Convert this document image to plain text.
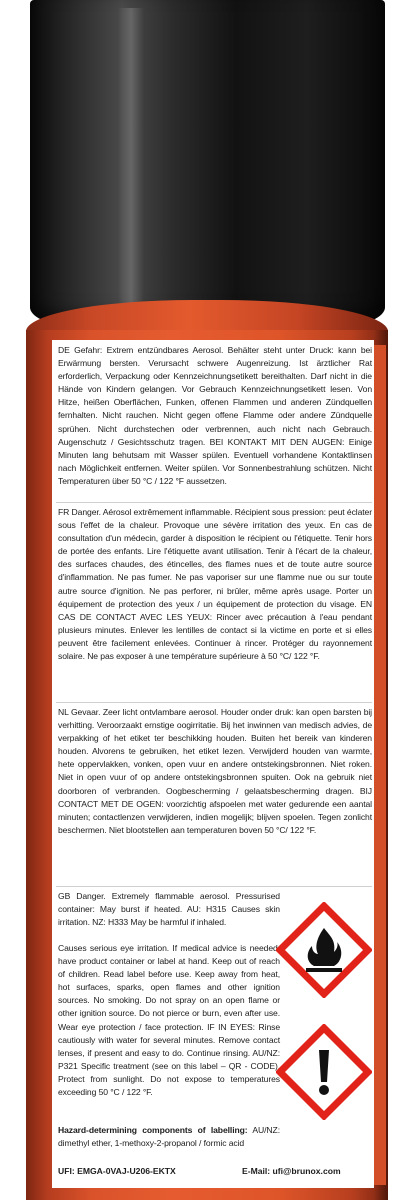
DE Gefahr: Extrem entzündbares Aerosol. Behälter steht unter Druck: kann bei Erwärmung bersten. Verursacht schwere Augenreizung. Ist ärztlicher Rat erforderlich, Verpackung oder Kennzeichnungsetikett bereithalten. Darf nicht in die Hände von Kindern gelangen. Vor Gebrauch Kennzeichnungsetikett lesen. Von Hitze, heißen Oberflächen, Funken, offenen Flammen und anderen Zündquellen fernhalten. Nicht rauchen. Nicht gegen offene Flamme oder andere Zündquelle sprühen. Nicht durchstechen oder verbrennen, auch nicht nach Gebrauch. Augenschutz / Gesichtsschutz tragen. BEI KONTAKT MIT DEN AUGEN: Einige Minuten lang behutsam mit Wasser spülen. Eventuell vorhandene Kontaktlinsen nach Möglichkeit entfernen. Weiter spülen. Vor Sonnenbestrahlung schützen. Nicht Temperaturen über 50 °C / 122 °F aussetzen.
FR Danger. Aérosol extrêmement inflammable. Récipient sous pression: peut éclater sous l'effet de la chaleur. Provoque une sévère irritation des yeux. En cas de consultation d'un médecin, garder à disposition le récipient ou l'étiquette. Tenir hors de portée des enfants. Lire l'étiquette avant utilisation. Tenir à l'écart de la chaleur, des surfaces chaudes, des étincelles, des flames nues et de toute autre source d'inflammation. Ne pas fumer. Ne pas vaporiser sur une flamme nue ou sur toute autre source d'ignition. Ne pas perforer, ni brûler, même après usage. Porter un équipement de protection des yeux / un équipement de protection du visage. EN CAS DE CONTACT AVEC LES YEUX: Rincer avec précaution à l'eau pendant plusieurs minutes. Enlever les lentilles de contact si la victime en porte et si elles peuvent être facilement enlevées. Continuer à rincer. Protéger du rayonnement solaire. Ne pas exposer à une température supérieure à 50 °C/ 122 °F.
NL Gevaar. Zeer licht ontvlambare aerosol. Houder onder druk: kan open barsten bij verhitting. Veroorzaakt ernstige oogirritatie. Bij het inwinnen van medisch advies, de verpakking of het etiket ter beschikking houden. Buiten het bereik van kinderen houden. Alvorens te gebruiken, het etiket lezen. Verwijderd houden van warmte, hete oppervlakken, vonken, open vuur en andere ontstekingsbronnen. Niet roken. Niet in open vuur of op andere ontstekingsbronnen spuiten. Ook na gebruik niet doorboren of verbranden. Oogbescherming / gelaatsbescherming dragen. BIJ CONTACT MET DE OGEN: voorzichtig afspoelen met water gedurende een aantal minuten; contactlenzen verwijderen, indien mogelijk; blijven spoelen. Tegen zonlicht beschermen. Niet blootstellen aan temperaturen boven 50 °C/ 122 °F.
GB Danger. Extremely flammable aerosol. Pressurised container: May burst if heated. AU: H315 Causes skin irritation. NZ: H333 May be harmful if inhaled.
Causes serious eye irritation. If medical advice is needed, have product container or label at hand. Keep out of reach of children. Read label before use. Keep away from heat, hot surfaces, sparks, open flames and other ignition sources. No smoking. Do not spray on an open flame or other ignition source. Do not pierce or burn, even after use. Wear eye protection / face protection. IF IN EYES: Rinse cautiously with water for several minutes. Remove contact lenses, if present and easy to do. Continue rinsing. AU/NZ: P321 Specific treatment (see on this label – QR - CODE). Protect from sunlight. Do not expose to temperatures exceeding 50 °C / 122 °F.
Hazard-determining components of labelling: AU/NZ: dimethyl ether, 1-methoxy-2-propanol / formic acid
UFI: EMGA-0VAJ-U206-EKTX	E-Mail: ufi@brunox.com
